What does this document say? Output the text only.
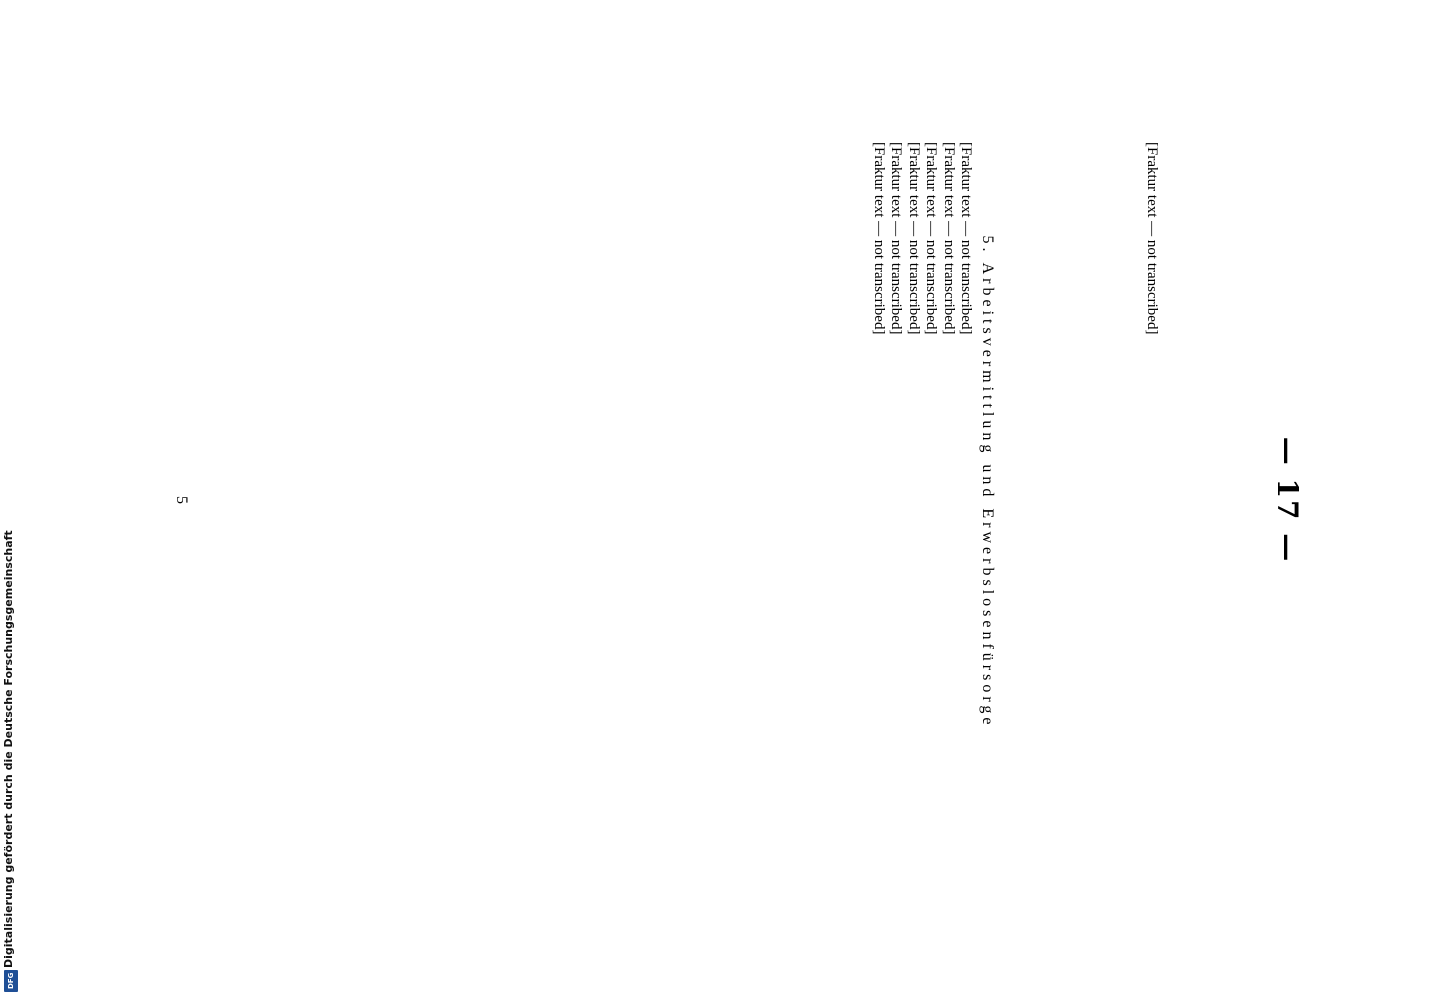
Digitalisierung gefördert durch die Deutsche Forschungsgemeinschaft
DFG
— 17 —

[Fraktur text — not transcribed]

5. Arbeitsvermittlung und Erwerbslosenfürsorge

[Fraktur text — not transcribed]

[Fraktur text — not transcribed]

[Fraktur text — not transcribed]

[Fraktur text — not transcribed]

[Fraktur text — not transcribed]

[Fraktur text — not transcribed]

5
